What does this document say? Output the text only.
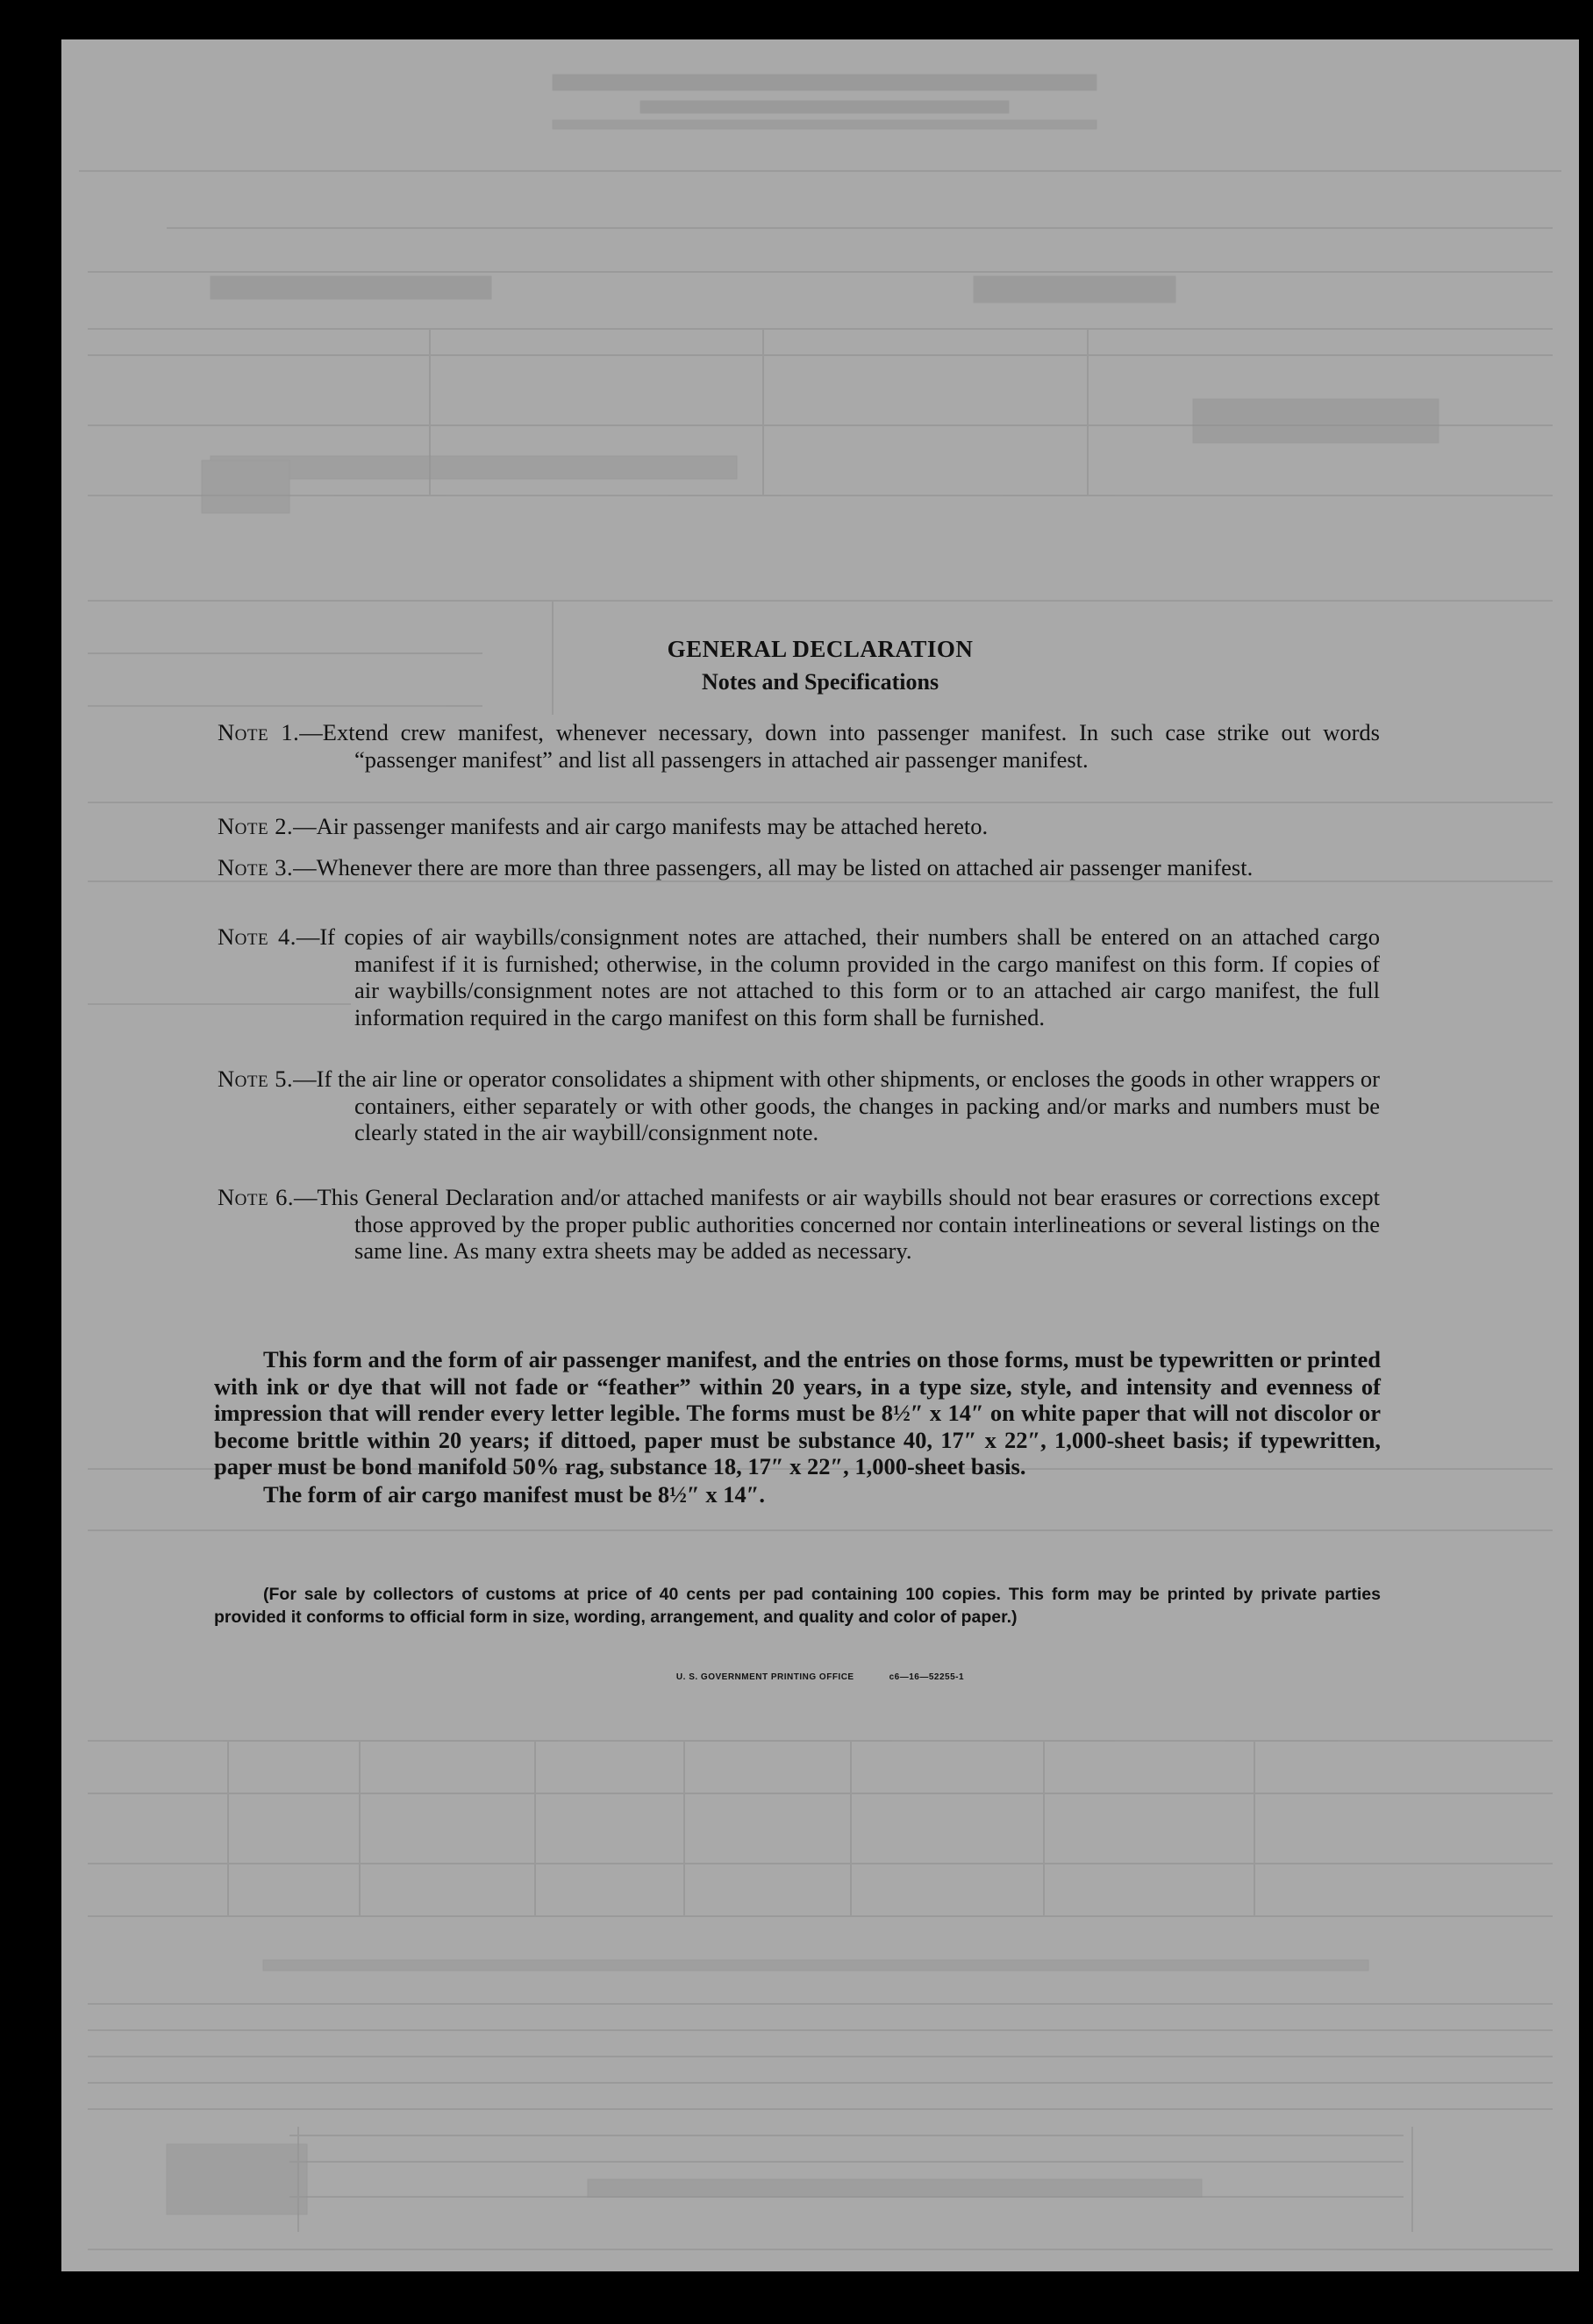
GENERAL DECLARATION
Notes and Specifications

Note 1.—Extend crew manifest, whenever necessary, down into passenger manifest. In such case strike out words “passenger manifest” and list all passengers in attached air passenger manifest.

Note 2.—Air passenger manifests and air cargo manifests may be attached hereto.

Note 3.—Whenever there are more than three passengers, all may be listed on attached air passenger manifest.

Note 4.—If copies of air waybills/consignment notes are attached, their numbers shall be entered on an attached cargo manifest if it is furnished; otherwise, in the column provided in the cargo manifest on this form. If copies of air waybills/consignment notes are not attached to this form or to an attached air cargo manifest, the full information required in the cargo manifest on this form shall be furnished.

Note 5.—If the air line or operator consolidates a shipment with other shipments, or encloses the goods in other wrappers or containers, either separately or with other goods, the changes in packing and/or marks and numbers must be clearly stated in the air waybill/consignment note.

Note 6.—This General Declaration and/or attached manifests or air waybills should not bear erasures or corrections except those approved by the proper public authorities concerned nor contain interlineations or several listings on the same line. As many extra sheets may be added as necessary.

This form and the form of air passenger manifest, and the entries on those forms, must be typewritten or printed with ink or dye that will not fade or “feather” within 20 years, in a type size, style, and intensity and evenness of impression that will render every letter legible. The forms must be 8½″ x 14″ on white paper that will not discolor or become brittle within 20 years; if dittoed, paper must be substance 40, 17″ x 22″, 1,000-sheet basis; if typewritten, paper must be bond manifold 50% rag, substance 18, 17″ x 22″, 1,000-sheet basis.

The form of air cargo manifest must be 8½″ x 14″.

(For sale by collectors of customs at price of 40 cents per pad containing 100 copies. This form may be printed by private parties provided it conforms to official form in size, wording, arrangement, and quality and color of paper.)

U. S. GOVERNMENT PRINTING OFFICE	c6—16—52255-1
